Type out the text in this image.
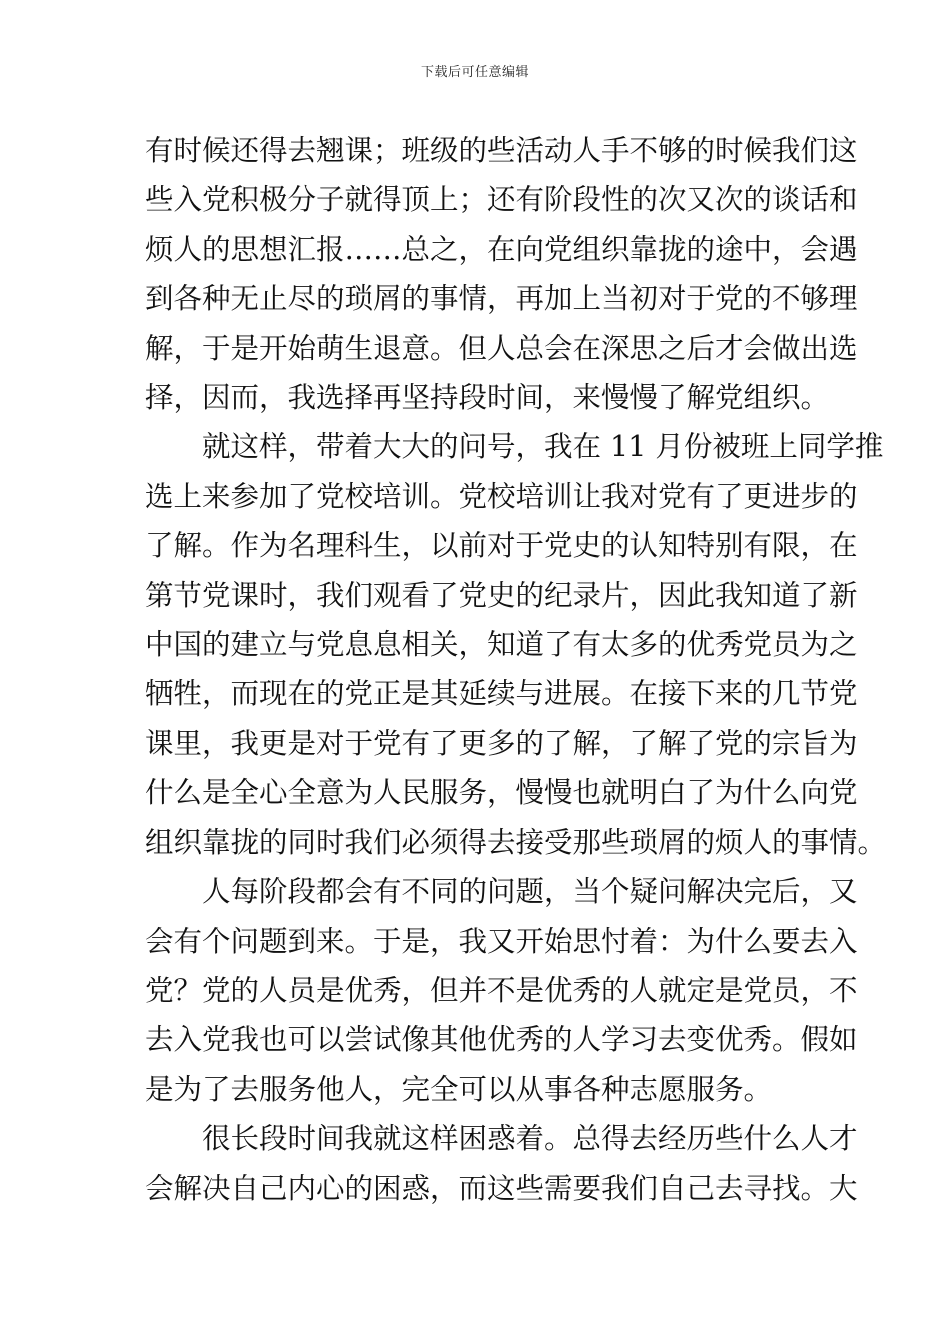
下载后可任意编辑

有时候还得去翘课；班级的些活动人手不够的时候我们这
些入党积极分子就得顶上；还有阶段性的次又次的谈话和
烦人的思想汇报……总之，在向党组织靠拢的途中，会遇
到各种无止尽的琐屑的事情，再加上当初对于党的不够理
解，于是开始萌生退意。但人总会在深思之后才会做出选
择，因而，我选择再坚持段时间，来慢慢了解党组织。

就这样，带着大大的问号，我在 11 月份被班上同学推
选上来参加了党校培训。党校培训让我对党有了更进步的
了解。作为名理科生，以前对于党史的认知特别有限，在
第节党课时，我们观看了党史的纪录片，因此我知道了新
中国的建立与党息息相关，知道了有太多的优秀党员为之
牺牲，而现在的党正是其延续与进展。在接下来的几节党
课里，我更是对于党有了更多的了解，了解了党的宗旨为
什么是全心全意为人民服务，慢慢也就明白了为什么向党
组织靠拢的同时我们必须得去接受那些琐屑的烦人的事情。

人每阶段都会有不同的问题，当个疑问解决完后，又
会有个问题到来。于是，我又开始思忖着：为什么要去入
党？党的人员是优秀，但并不是优秀的人就定是党员，不
去入党我也可以尝试像其他优秀的人学习去变优秀。假如
是为了去服务他人，完全可以从事各种志愿服务。

很长段时间我就这样困惑着。总得去经历些什么人才
会解决自己内心的困惑，而这些需要我们自己去寻找。大
